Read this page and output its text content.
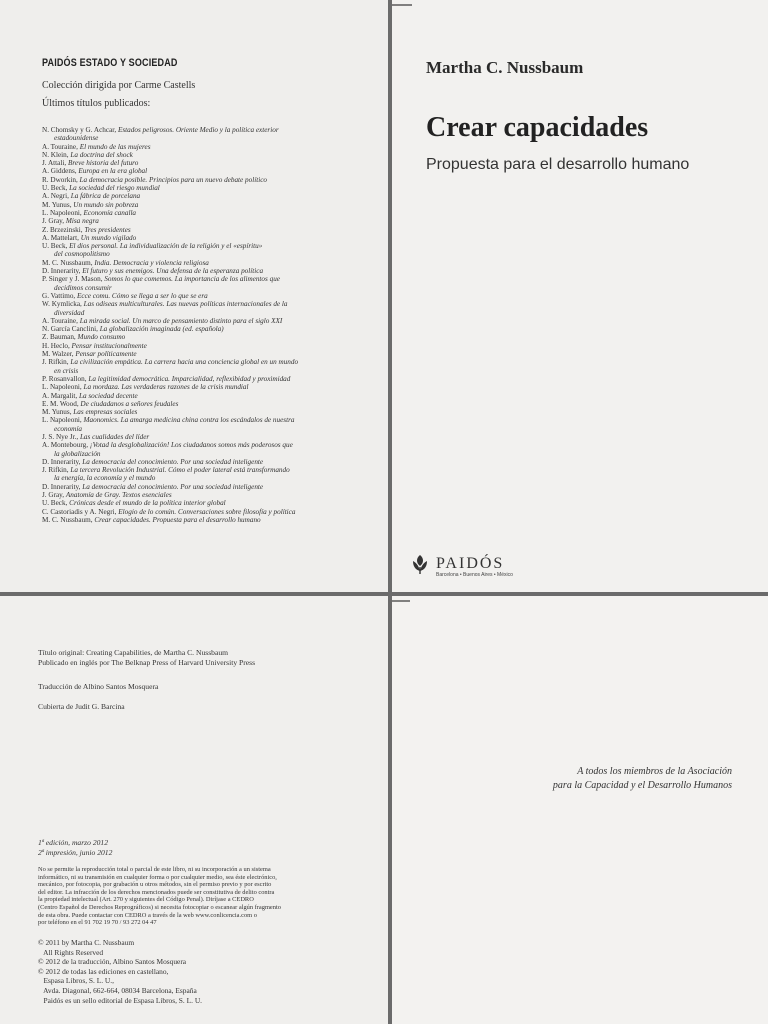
PAIDÓS ESTADO Y SOCIEDAD
Colección dirigida por Carme Castells
Últimos títulos publicados:
N. Chomsky y G. Achcar, Estados peligrosos. Oriente Medio y la política exterior
estadounidense
A. Touraine, El mundo de las mujeres
N. Klein, La doctrina del shock
J. Attali, Breve historia del futuro
A. Giddens, Europa en la era global
R. Dworkin, La democracia posible. Principios para un nuevo debate político
U. Beck, La sociedad del riesgo mundial
A. Negri, La fábrica de porcelana
M. Yunus, Un mundo sin pobreza
L. Napoleoni, Economía canalla
J. Gray, Misa negra
Z. Brzezinski, Tres presidentes
A. Mattelart, Un mundo vigilado
U. Beck, El dios personal. La individualización de la religión y el «espíritu»
del cosmopolitismo
M. C. Nussbaum, India. Democracia y violencia religiosa
D. Innerarity, El futuro y sus enemigos. Una defensa de la esperanza política
P. Singer y J. Mason, Somos lo que comemos. La importancia de los alimentos que
decidimos consumir
G. Vattimo, Ecce comu. Cómo se llega a ser lo que se era
W. Kymlicka, Las odiseas multiculturales. Las nuevas políticas internacionales de la
diversidad
A. Touraine, La mirada social. Un marco de pensamiento distinto para el siglo XXI
N. García Canclini, La globalización imaginada (ed. española)
Z. Bauman, Mundo consumo
H. Heclo, Pensar institucionalmente
M. Walzer, Pensar políticamente
J. Rifkin, La civilización empática. La carrera hacia una conciencia global en un mundo
en crisis
P. Rosanvallon, La legitimidad democrática. Imparcialidad, reflexibidad y proximidad
L. Napoleoni, La mordaza. Las verdaderas razones de la crisis mundial
A. Margalit, La sociedad decente
E. M. Wood, De ciudadanos a señores feudales
M. Yunus, Las empresas sociales
L. Napoleoni, Maonomics. La amarga medicina china contra los escándalos de nuestra
economía
J. S. Nye Jr., Las cualidades del líder
A. Montebourg, ¡Votad la desglobalización! Los ciudadanos somos más poderosos que
la globalización
D. Innerarity, La democracia del conocimiento. Por una sociedad inteligente
J. Rifkin, La tercera Revolución Industrial. Cómo el poder lateral está transformando
la energía, la economía y el mundo
D. Innerarity, La democracia del conocimiento. Por una sociedad inteligente
J. Gray, Anatomía de Gray. Textos esenciales
U. Beck, Crónicas desde el mundo de la política interior global
C. Castoriadis y A. Negri, Elogio de lo común. Conversaciones sobre filosofía y política
M. C. Nussbaum, Crear capacidades. Propuesta para el desarrollo humano
Martha C. Nussbaum
Crear capacidades
Propuesta para el desarrollo humano
PAIDÓS
Barcelona • Buenos Aires • México
Título original: Creating Capabilities, de Martha C. Nussbaum
Publicado en inglés por The Belknap Press of Harvard University Press
Traducción de Albino Santos Mosquera
Cubierta de Judit G. Barcina
1ª edición, marzo 2012
2ª impresión, junio 2012
No se permite la reproducción total o parcial de este libro, ni su incorporación a un sistema
informático, ni su transmisión en cualquier forma o por cualquier medio, sea éste electrónico,
mecánico, por fotocopia, por grabación u otros métodos, sin el permiso previo y por escrito
del editor. La infracción de los derechos mencionados puede ser constitutiva de delito contra
la propiedad intelectual (Art. 270 y siguientes del Código Penal). Diríjase a CEDRO
(Centro Español de Derechos Reprográficos) si necesita fotocopiar o escanear algún fragmento
de esta obra. Puede contactar con CEDRO a través de la web www.conlicencia.com o
por teléfono en el 91 702 19 70 / 93 272 04 47
© 2011 by Martha C. Nussbaum
All Rights Reserved
© 2012 de la traducción, Albino Santos Mosquera
© 2012 de todas las ediciones en castellano,
Espasa Libros, S. L. U.,
Avda. Diagonal, 662-664, 08034 Barcelona, España
Paidós es un sello editorial de Espasa Libros, S. L. U.
A todos los miembros de la Asociación
para la Capacidad y el Desarrollo Humanos
